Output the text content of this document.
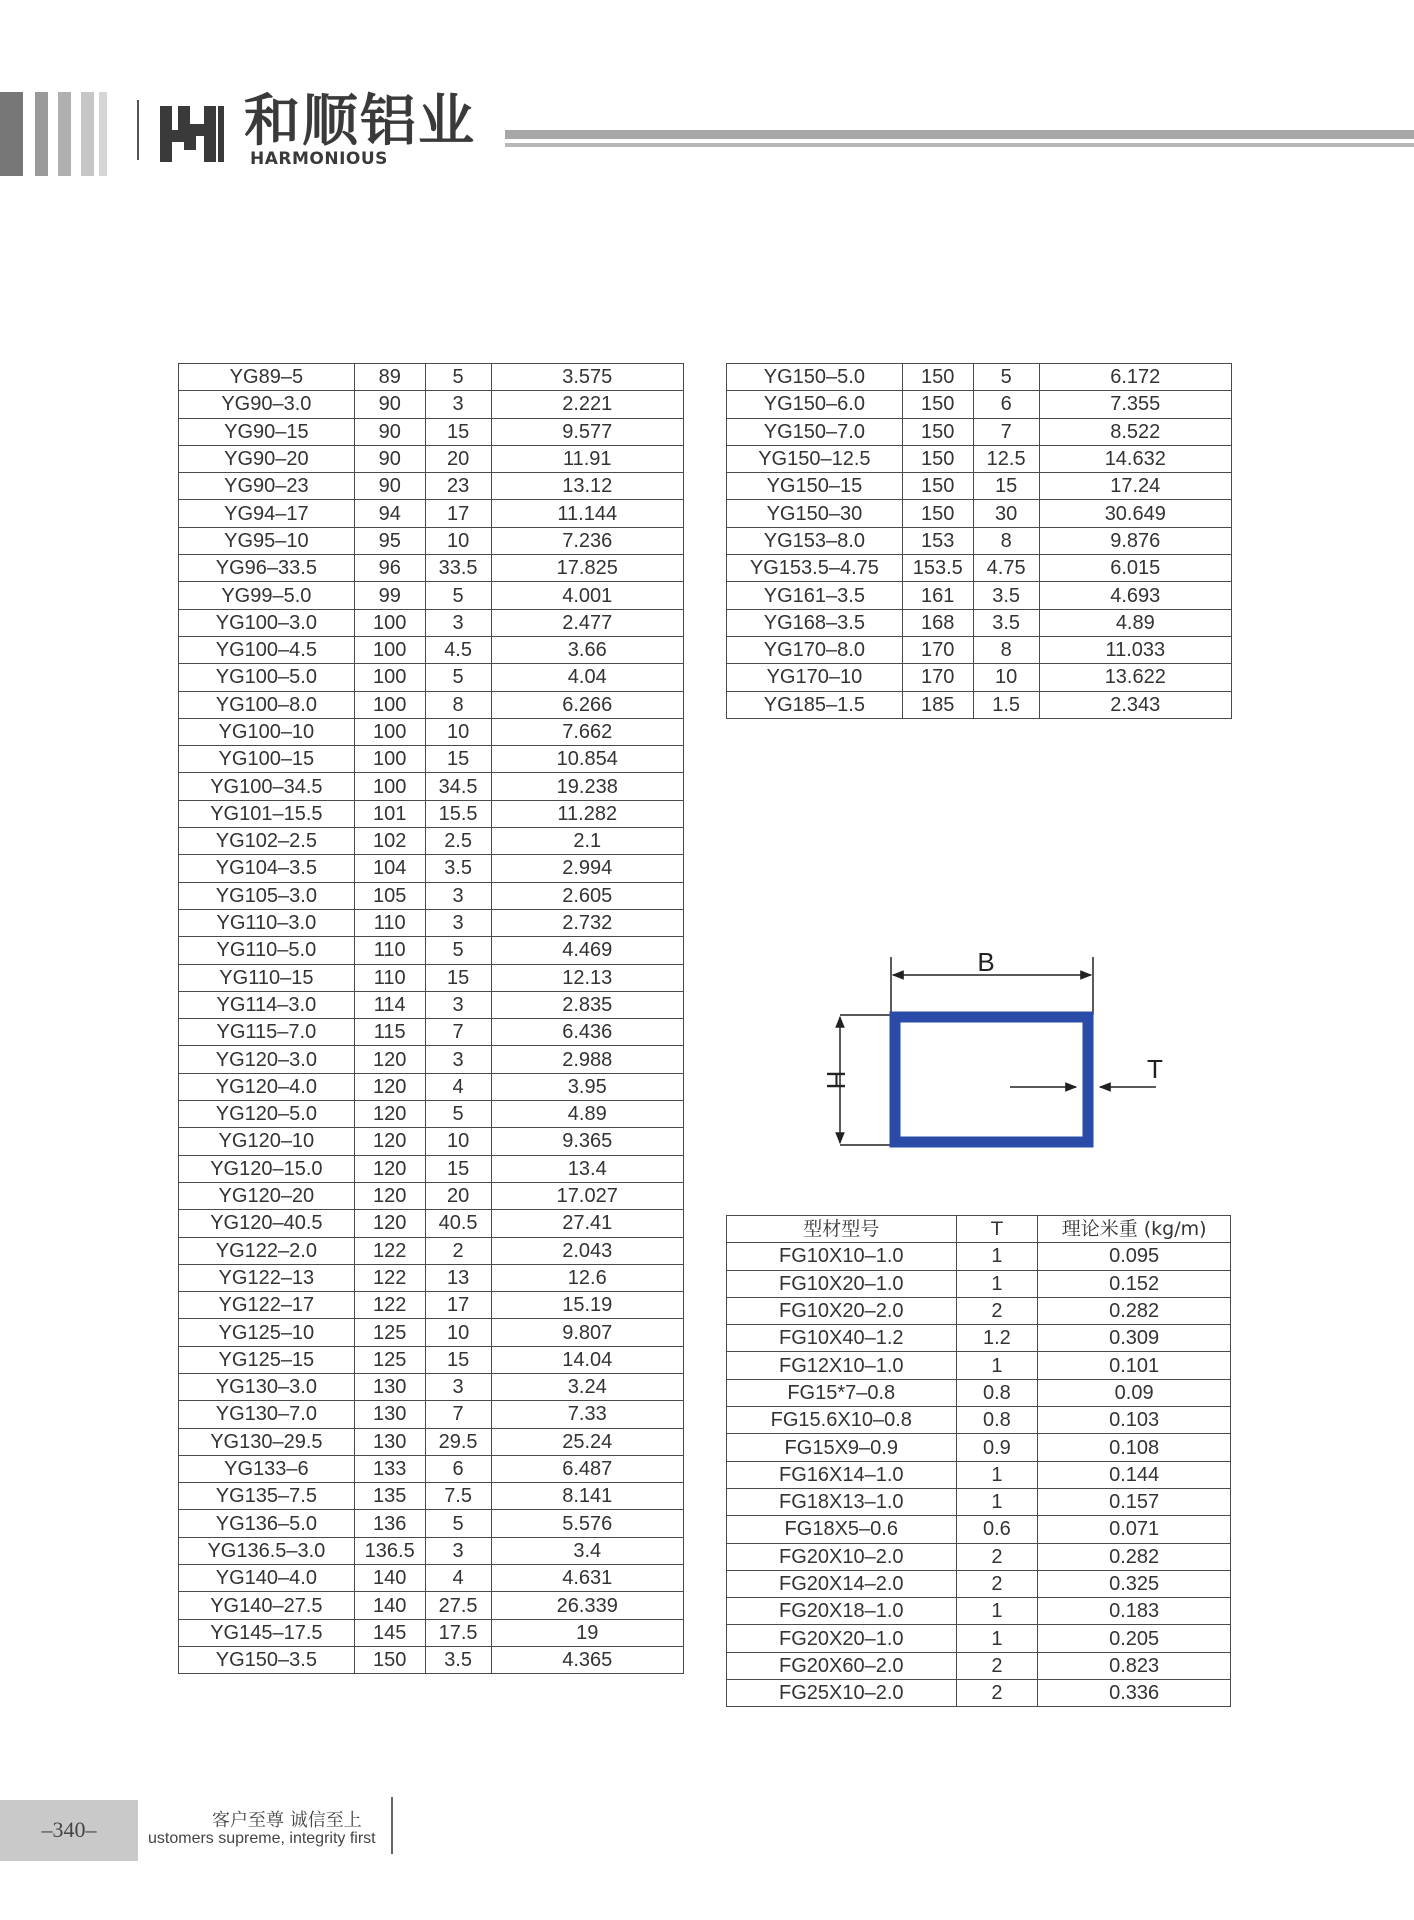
和顺铝业
HARMONIOUS
YG89–5	89	5	3.575
YG90–3.0	90	3	2.221
YG90–15	90	15	9.577
YG90–20	90	20	11.91
YG90–23	90	23	13.12
YG94–17	94	17	11.144
YG95–10	95	10	7.236
YG96–33.5	96	33.5	17.825
YG99–5.0	99	5	4.001
YG100–3.0	100	3	2.477
YG100–4.5	100	4.5	3.66
YG100–5.0	100	5	4.04
YG100–8.0	100	8	6.266
YG100–10	100	10	7.662
YG100–15	100	15	10.854
YG100–34.5	100	34.5	19.238
YG101–15.5	101	15.5	11.282
YG102–2.5	102	2.5	2.1
YG104–3.5	104	3.5	2.994
YG105–3.0	105	3	2.605
YG110–3.0	110	3	2.732
YG110–5.0	110	5	4.469
YG110–15	110	15	12.13
YG114–3.0	114	3	2.835
YG115–7.0	115	7	6.436
YG120–3.0	120	3	2.988
YG120–4.0	120	4	3.95
YG120–5.0	120	5	4.89
YG120–10	120	10	9.365
YG120–15.0	120	15	13.4
YG120–20	120	20	17.027
YG120–40.5	120	40.5	27.41
YG122–2.0	122	2	2.043
YG122–13	122	13	12.6
YG122–17	122	17	15.19
YG125–10	125	10	9.807
YG125–15	125	15	14.04
YG130–3.0	130	3	3.24
YG130–7.0	130	7	7.33
YG130–29.5	130	29.5	25.24
YG133–6	133	6	6.487
YG135–7.5	135	7.5	8.141
YG136–5.0	136	5	5.576
YG136.5–3.0	136.5	3	3.4
YG140–4.0	140	4	4.631
YG140–27.5	140	27.5	26.339
YG145–17.5	145	17.5	19
YG150–3.5	150	3.5	4.365
YG150–5.0	150	5	6.172
YG150–6.0	150	6	7.355
YG150–7.0	150	7	8.522
YG150–12.5	150	12.5	14.632
YG150–15	150	15	17.24
YG150–30	150	30	30.649
YG153–8.0	153	8	9.876
YG153.5–4.75	153.5	4.75	6.015
YG161–3.5	161	3.5	4.693
YG168–3.5	168	3.5	4.89
YG170–8.0	170	8	11.033
YG170–10	170	10	13.622
YG185–1.5	185	1.5	2.343
B
H	T
型材型号	T	理论米重 (kg/m)
FG10X10–1.0	1	0.095
FG10X20–1.0	1	0.152
FG10X20–2.0	2	0.282
FG10X40–1.2	1.2	0.309
FG12X10–1.0	1	0.101
FG15*7–0.8	0.8	0.09
FG15.6X10–0.8	0.8	0.103
FG15X9–0.9	0.9	0.108
FG16X14–1.0	1	0.144
FG18X13–1.0	1	0.157
FG18X5–0.6	0.6	0.071
FG20X10–2.0	2	0.282
FG20X14–2.0	2	0.325
FG20X18–1.0	1	0.183
FG20X20–1.0	1	0.205
FG20X60–2.0	2	0.823
FG25X10–2.0	2	0.336
–340–	客户至尊 诚信至上
ustomers supreme, integrity first
